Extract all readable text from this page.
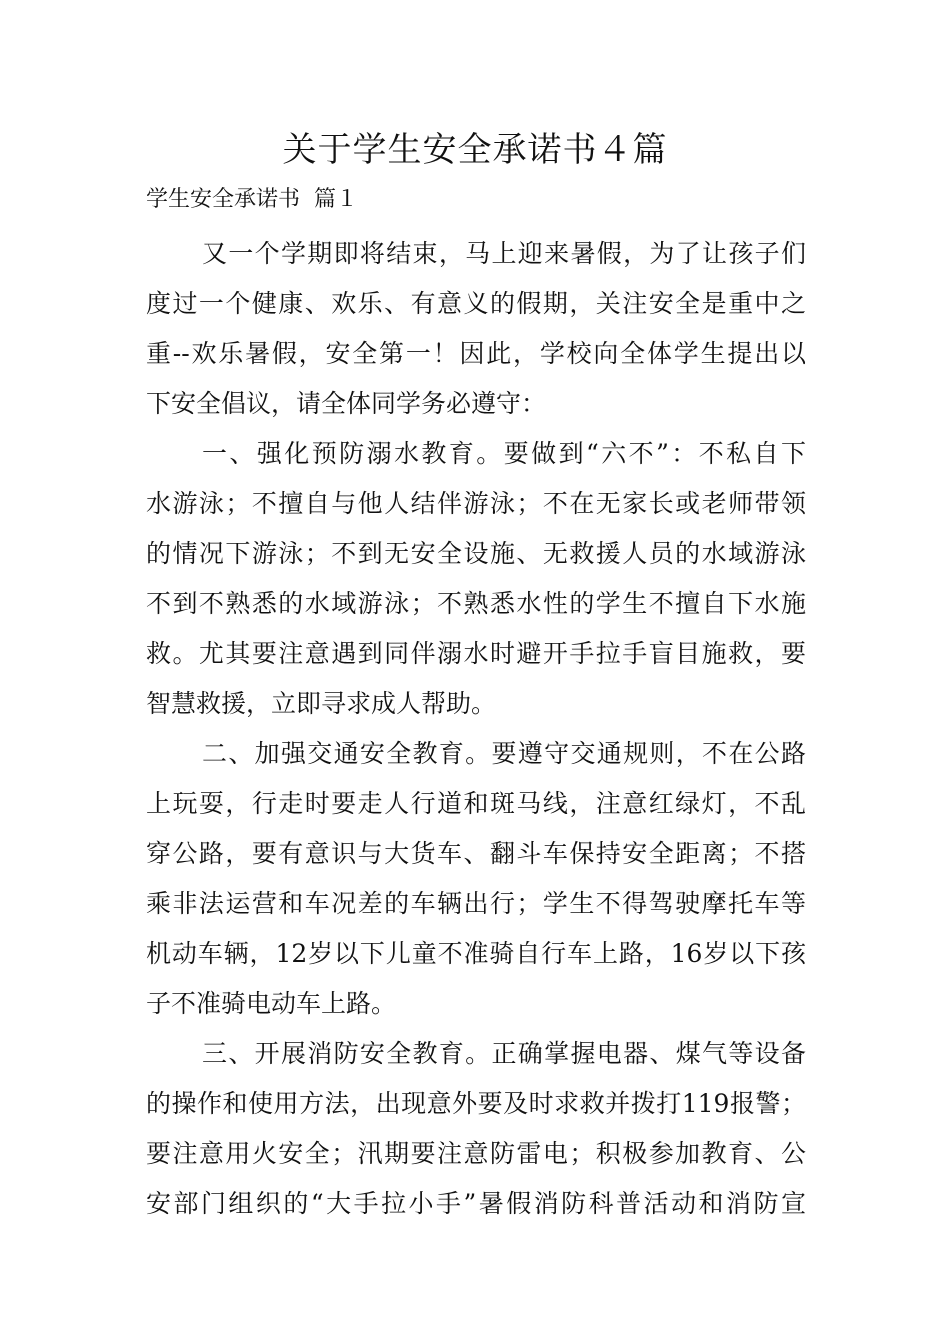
关于学生安全承诺书４篇

学生安全承诺书  篇１

又一个学期即将结束，马上迎来暑假，为了让孩子们
度过一个健康、欢乐、有意义的假期，关注安全是重中之
重--欢乐暑假，安全第一！因此，学校向全体学生提出以
下安全倡议，请全体同学务必遵守：
一、强化预防溺水教育。要做到“六不”：不私自下
水游泳；不擅自与他人结伴游泳；不在无家长或老师带领
的情况下游泳；不到无安全设施、无救援人员的水域游泳
不到不熟悉的水域游泳；不熟悉水性的学生不擅自下水施
救。尤其要注意遇到同伴溺水时避开手拉手盲目施救，要
智慧救援，立即寻求成人帮助。
二、加强交通安全教育。要遵守交通规则，不在公路
上玩耍，行走时要走人行道和斑马线，注意红绿灯，不乱
穿公路，要有意识与大货车、翻斗车保持安全距离；不搭
乘非法运营和车况差的车辆出行；学生不得驾驶摩托车等
机动车辆，12岁以下儿童不准骑自行车上路，16岁以下孩
子不准骑电动车上路。
三、开展消防安全教育。正确掌握电器、煤气等设备
的操作和使用方法，出现意外要及时求救并拨打119报警；
要注意用火安全；汛期要注意防雷电；积极参加教育、公
安部门组织的“大手拉小手”暑假消防科普活动和消防宣
